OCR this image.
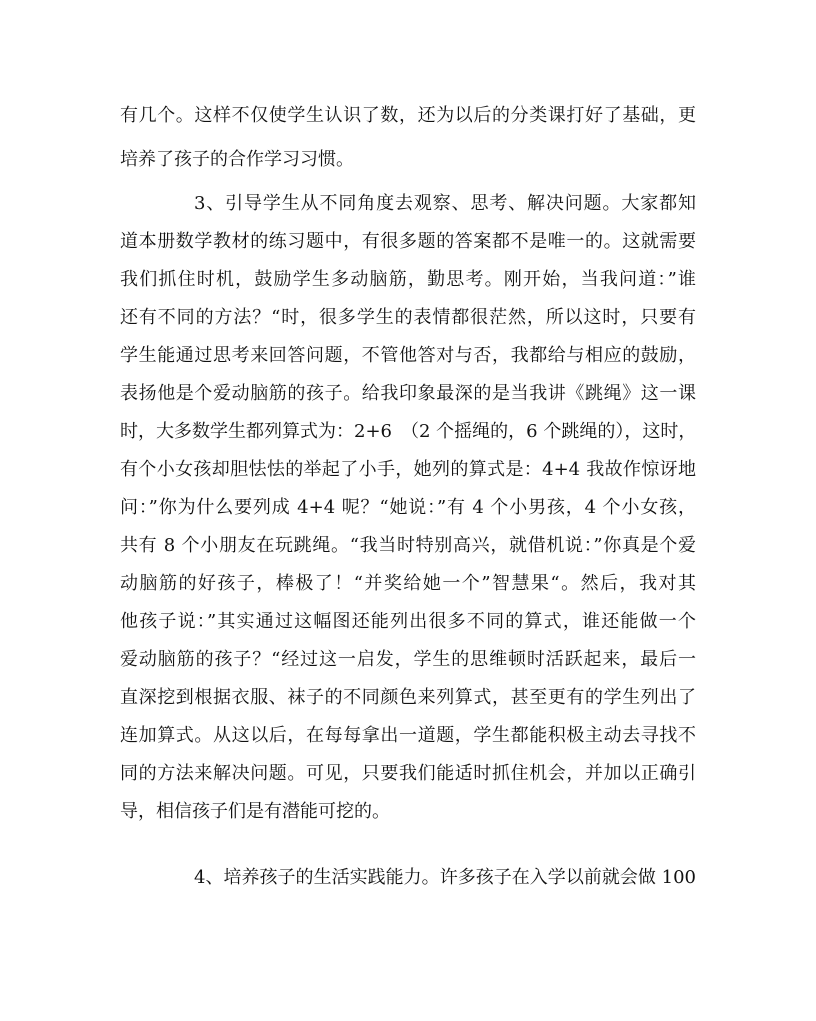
有几个。这样不仅使学生认识了数，还为以后的分类课打好了基础，更
培养了孩子的合作学习习惯。
3、引导学生从不同角度去观察、思考、解决问题。大家都知
道本册数学教材的练习题中，有很多题的答案都不是唯一的。这就需要
我们抓住时机，鼓励学生多动脑筋，勤思考。刚开始，当我问道：”谁
还有不同的方法？“时，很多学生的表情都很茫然，所以这时，只要有
学生能通过思考来回答问题，不管他答对与否，我都给与相应的鼓励，
表扬他是个爱动脑筋的孩子。给我印象最深的是当我讲《跳绳》这一课
时，大多数学生都列算式为：2+6　（2 个摇绳的，6 个跳绳的），这时，
有个小女孩却胆怯怯的举起了小手，她列的算式是：4+4 我故作惊讶地
问：”你为什么要列成 4+4 呢？“她说：”有 4 个小男孩，4 个小女孩，
共有 8 个小朋友在玩跳绳。“我当时特别高兴，就借机说：”你真是个爱
动脑筋的好孩子，棒极了！“并奖给她一个”智慧果“。然后，我对其
他孩子说：”其实通过这幅图还能列出很多不同的算式，谁还能做一个
爱动脑筋的孩子？“经过这一启发，学生的思维顿时活跃起来，最后一
直深挖到根据衣服、袜子的不同颜色来列算式，甚至更有的学生列出了
连加算式。从这以后，在每每拿出一道题，学生都能积极主动去寻找不
同的方法来解决问题。可见，只要我们能适时抓住机会，并加以正确引
导，相信孩子们是有潜能可挖的。
4、培养孩子的生活实践能力。许多孩子在入学以前就会做 100
